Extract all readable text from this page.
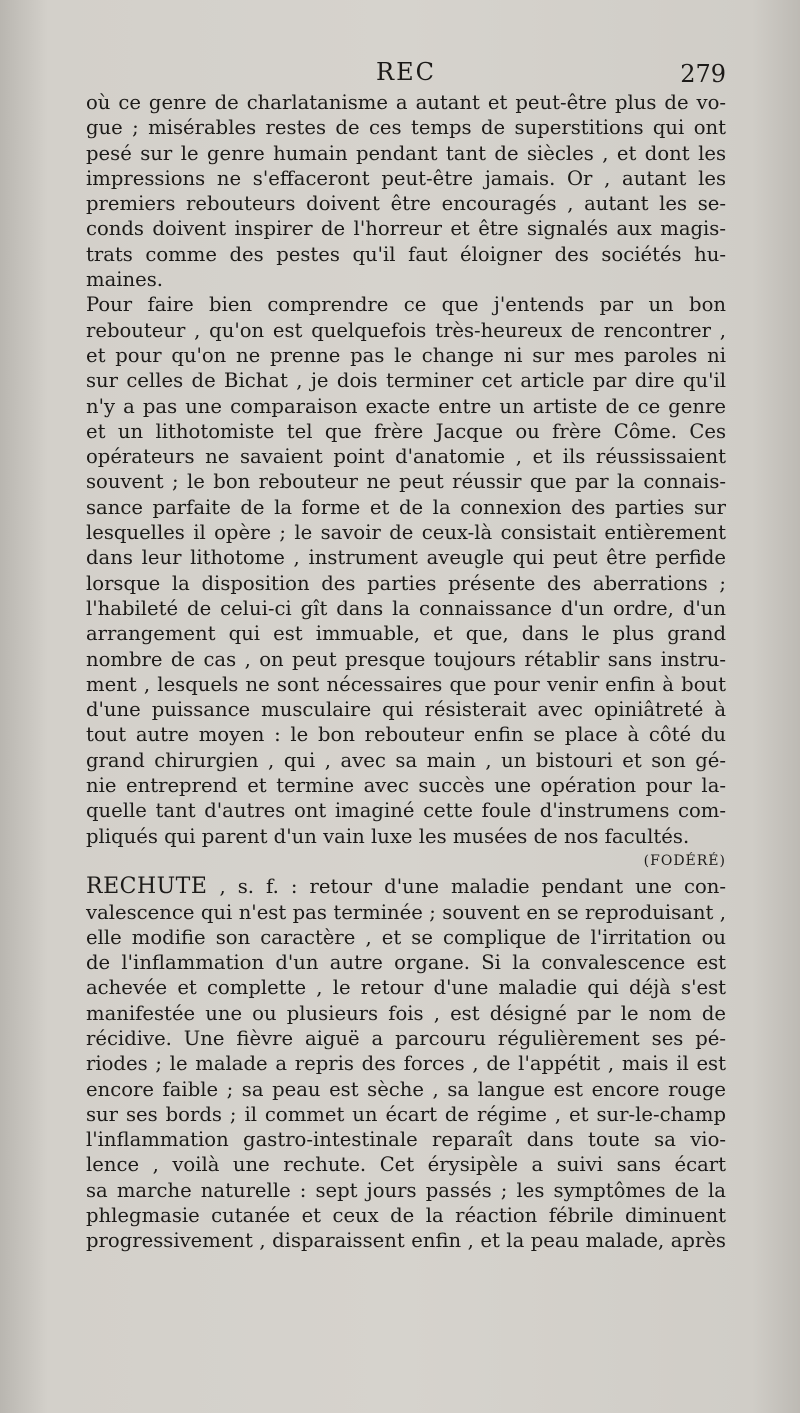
REC	279
où ce genre de charlatanisme a autant et peut-être plus de vo-
gue ; misérables restes de ces temps de superstitions qui ont
pesé sur le genre humain pendant tant de siècles , et dont les
impressions ne s'effaceront peut-être jamais. Or , autant les
premiers rebouteurs doivent être encouragés , autant les se-
conds doivent inspirer de l'horreur et être signalés aux magis-
trats comme des pestes qu'il faut éloigner des sociétés hu-
maines.
Pour faire bien comprendre ce que j'entends par un bon
rebouteur , qu'on est quelquefois très-heureux de rencontrer ,
et pour qu'on ne prenne pas le change ni sur mes paroles ni
sur celles de Bichat , je dois terminer cet article par dire qu'il
n'y a pas une comparaison exacte entre un artiste de ce genre
et un lithotomiste tel que frère Jacque ou frère Côme. Ces
opérateurs ne savaient point d'anatomie , et ils réussissaient
souvent ; le bon rebouteur ne peut réussir que par la connais-
sance parfaite de la forme et de la connexion des parties sur
lesquelles il opère ; le savoir de ceux-là consistait entièrement
dans leur lithotome , instrument aveugle qui peut être perfide
lorsque la disposition des parties présente des aberrations ;
l'habileté de celui-ci gît dans la connaissance d'un ordre, d'un
arrangement qui est immuable, et que, dans le plus grand
nombre de cas , on peut presque toujours rétablir sans instru-
ment , lesquels ne sont nécessaires que pour venir enfin à bout
d'une puissance musculaire qui résisterait avec opiniâtreté à
tout autre moyen : le bon rebouteur enfin se place à côté du
grand chirurgien , qui , avec sa main , un bistouri et son gé-
nie entreprend et termine avec succès une opération pour la-
quelle tant d'autres ont imaginé cette foule d'instrumens com-
pliqués qui parent d'un vain luxe les musées de nos facultés.
(FODÉRÉ)
RECHUTE , s. f. : retour d'une maladie pendant une con-
valescence qui n'est pas terminée ; souvent en se reproduisant ,
elle modifie son caractère , et se complique de l'irritation ou
de l'inflammation d'un autre organe. Si la convalescence est
achevée et complette , le retour d'une maladie qui déjà s'est
manifestée une ou plusieurs fois , est désigné par le nom de
récidive. Une fièvre aiguë a parcouru régulièrement ses pé-
riodes ; le malade a repris des forces , de l'appétit , mais il est
encore faible ; sa peau est sèche , sa langue est encore rouge
sur ses bords ; il commet un écart de régime , et sur-le-champ
l'inflammation gastro-intestinale reparaît dans toute sa vio-
lence , voilà une rechute. Cet érysipèle a suivi sans écart
sa marche naturelle : sept jours passés ; les symptômes de la
phlegmasie cutanée et ceux de la réaction fébrile diminuent
progressivement , disparaissent enfin , et la peau malade, après
